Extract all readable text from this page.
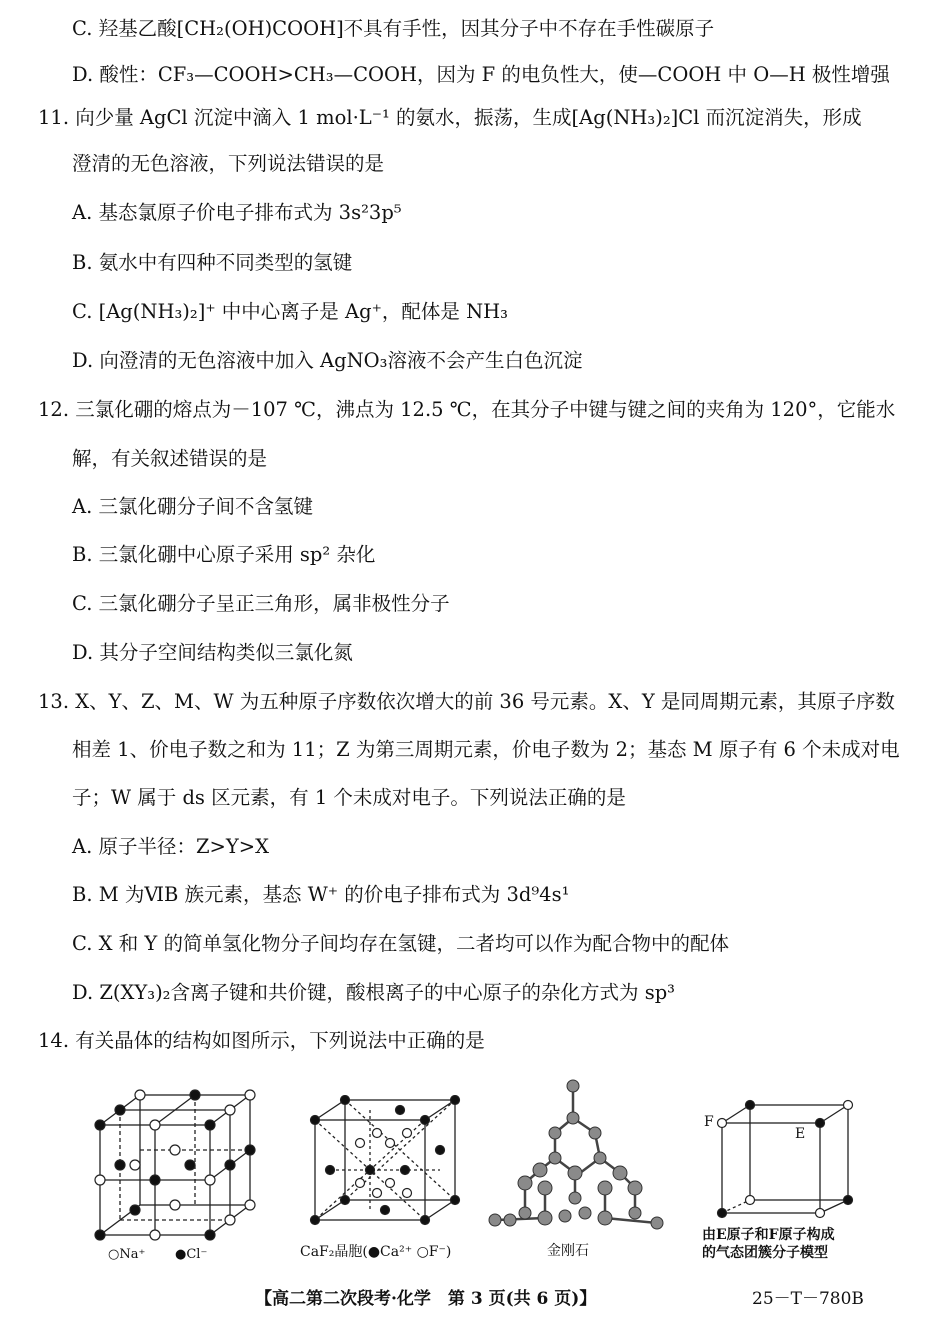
C. 羟基乙酸[CH₂(OH)COOH]不具有手性，因其分子中不存在手性碳原子
D. 酸性：CF₃—COOH>CH₃—COOH，因为 F 的电负性大，使—COOH 中 O—H 极性增强
11. 向少量 AgCl 沉淀中滴入 1 mol·L⁻¹ 的氨水，振荡，生成[Ag(NH₃)₂]Cl 而沉淀消失，形成
澄清的无色溶液，下列说法错误的是
A. 基态氯原子价电子排布式为 3s²3p⁵
B. 氨水中有四种不同类型的氢键
C. [Ag(NH₃)₂]⁺ 中中心离子是 Ag⁺，配体是 NH₃
D. 向澄清的无色溶液中加入 AgNO₃溶液不会产生白色沉淀
12. 三氯化硼的熔点为－107 ℃，沸点为 12.5 ℃，在其分子中键与键之间的夹角为 120°，它能水
解，有关叙述错误的是
A. 三氯化硼分子间不含氢键
B. 三氯化硼中心原子采用 sp² 杂化
C. 三氯化硼分子呈正三角形，属非极性分子
D. 其分子空间结构类似三氯化氮
13. X、Y、Z、M、W 为五种原子序数依次增大的前 36 号元素。X、Y 是同周期元素，其原子序数
相差 1、价电子数之和为 11；Z 为第三周期元素，价电子数为 2；基态 M 原子有 6 个未成对电
子；W 属于 ds 区元素，有 1 个未成对电子。下列说法正确的是
A. 原子半径：Z>Y>X
B. M 为ⅥB 族元素，基态 W⁺ 的价电子排布式为 3d⁹4s¹
C. X 和 Y 的简单氢化物分子间均存在氢键，二者均可以作为配合物中的配体
D. Z(XY₃)₂含离子键和共价键，酸根离子的中心原子的杂化方式为 sp³
14. 有关晶体的结构如图所示，下列说法中正确的是
○Na⁺ ●Cl⁻	CaF₂晶胞(●Ca²⁺ ○F⁻)	金刚石
F
E
由E原子和F原子构成
的气态团簇分子模型
【高二第二次段考·化学　第 3 页(共 6 页)】	25－T－780B
